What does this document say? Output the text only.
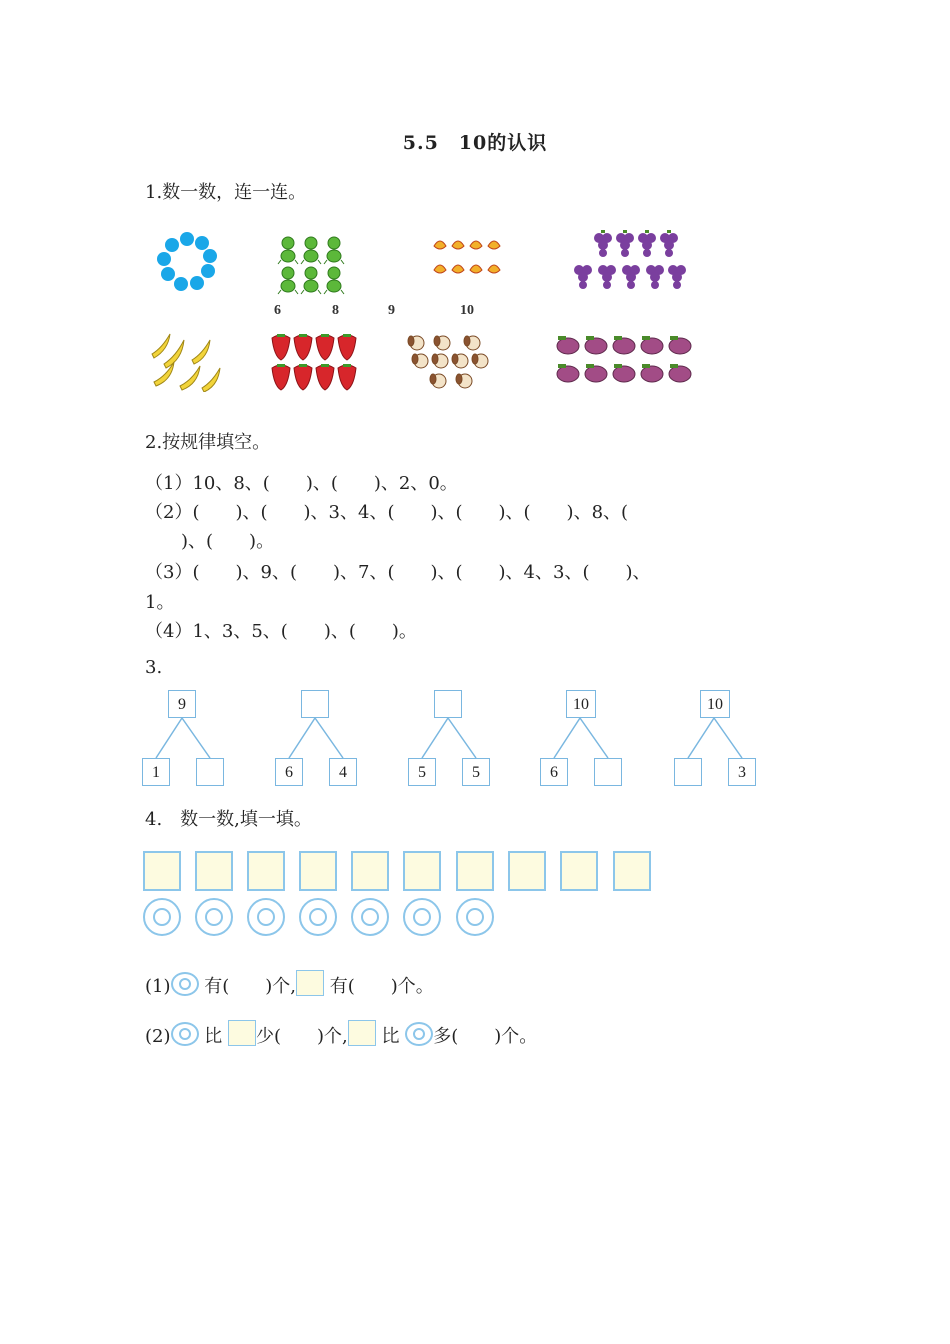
5.5　10的认识
1.数一数，连一连。
6	8	9	10
2.按规律填空。
（1）10、8、(　　)、(　　)、2、0。
（2）(　　)、(　　)、3、4、(　　)、(　　)、(　　)、8、(
　　)、(　　)。
（3）(　　)、9、(　　)、7、(　　)、(　　)、4、3、(　　)、
1。
（4）1、3、5、(　　)、(　　)。
3.
9
1	6	4	5	5
10
6
10
3
4.　数一数,填一填。
(1) 有(　　)个, 有(　　)个。
(2) 比 少(　　)个, 比 多(　　)个。
